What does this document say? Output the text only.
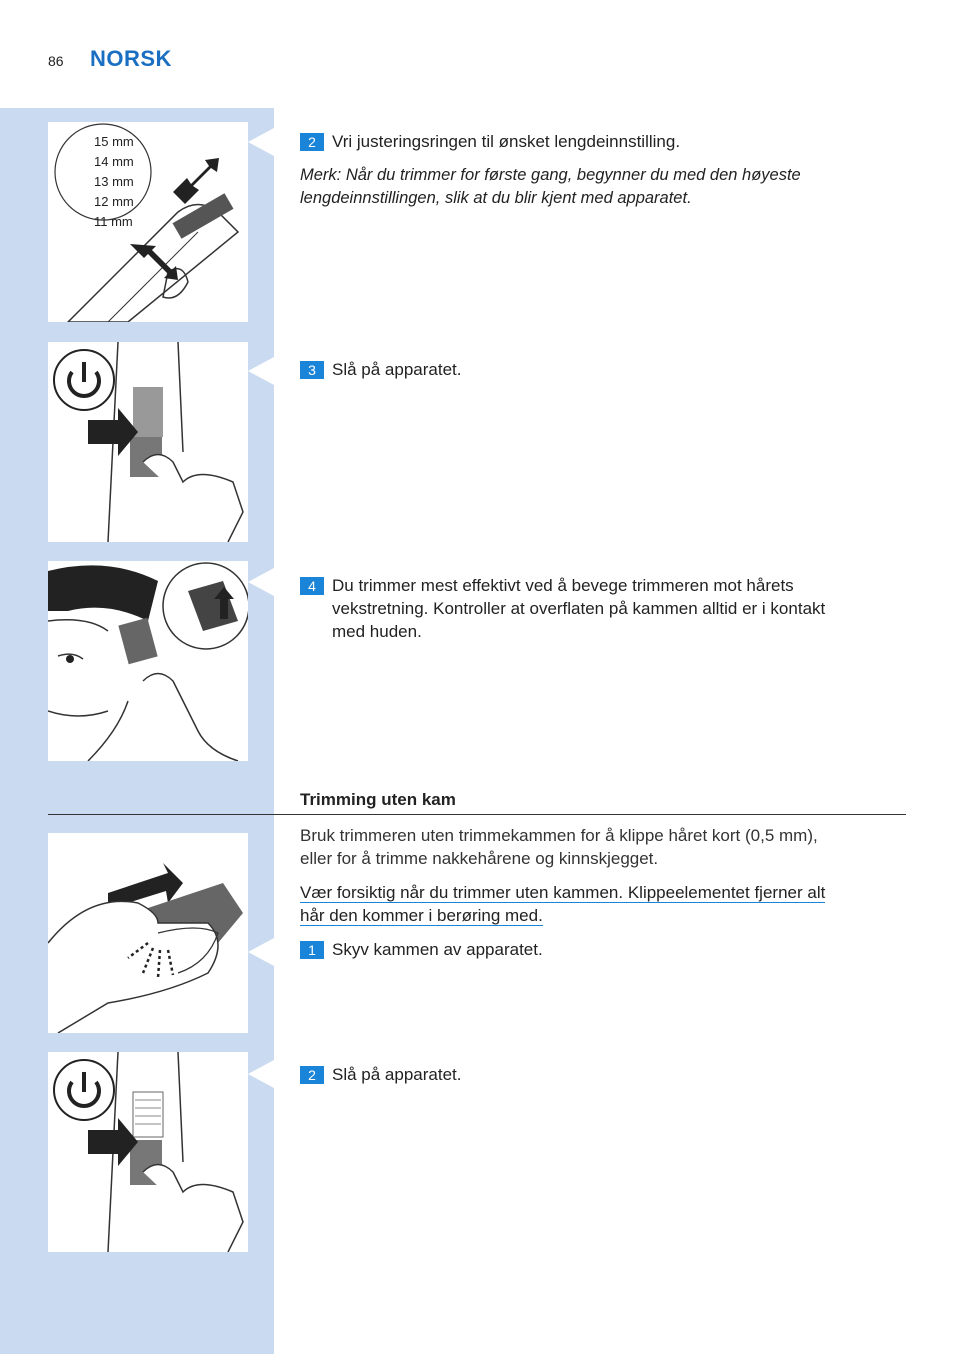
86 NORSK
15 mm
14 mm
13 mm
12 mm
11 mm
2 Vri justeringsringen til ønsket lengdeinnstilling.
Merk: Når du trimmer for første gang, begynner du med den høyeste
lengdeinnstillingen, slik at du blir kjent med apparatet.
3 Slå på apparatet.
4 Du trimmer mest effektivt ved å bevege trimmeren mot hårets
vekstretning. Kontroller at overflaten på kammen alltid er i kontakt
med huden.
Trimming uten kam
Bruk trimmeren uten trimmekammen for å klippe håret kort (0,5 mm),
eller for å trimme nakkehårene og kinnskjegget.
Vær forsiktig når du trimmer uten kammen. Klippeelementet fjerner alt
hår den kommer i berøring med.
1 Skyv kammen av apparatet.
2 Slå på apparatet.
